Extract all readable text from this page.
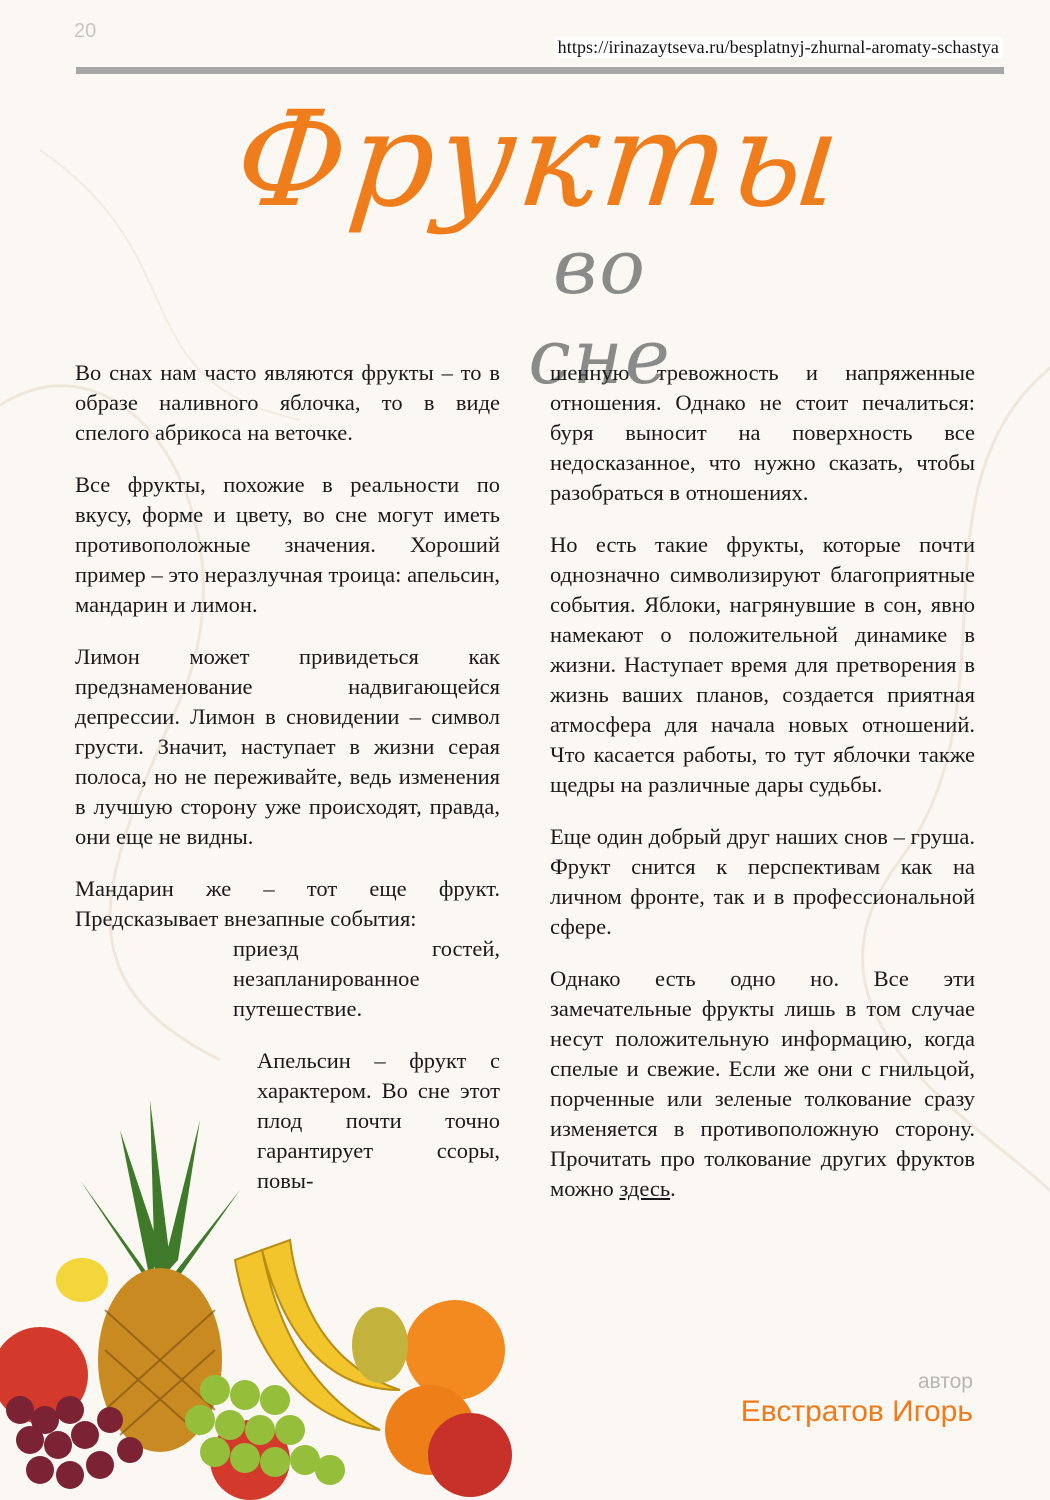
20
https://irinazaytseva.ru/besplatnyj-zhurnal-aromaty-schastya
Фрукты
во сне

Во снах нам часто являются фрукты – то в образе наливного яблочка, то в виде спелого абрикоса на веточке.

Все фрукты, похожие в реальности по вкусу, форме и цвету, во сне могут иметь противоположные значения. Хороший пример – это неразлучная троица: апельсин, мандарин и лимон.

Лимон может привидеться как предзнаменование надвигающейся депрессии. Лимон в сновидении – символ грусти. Значит, наступает в жизни серая полоса, но не переживайте, ведь изменения в лучшую сторону уже происходят, правда, они еще не видны.

Мандарин же – тот еще фрукт. Предсказывает внезапные события:

приезд гостей, незапланированное путешествие.

Апельсин – фрукт с характером. Во сне этот плод почти точно гарантирует ссоры, повы-

шенную тревожность и напряженные отношения. Однако не стоит печалиться: буря выносит на поверхность все недосказанное, что нужно сказать, чтобы разобраться в отношениях.

Но есть такие фрукты, которые почти однозначно символизируют благоприятные события. Яблоки, нагрянувшие в сон, явно намекают о положительной динамике в жизни. Наступает время для претворения в жизнь ваших планов, создается приятная атмосфера для начала новых отношений. Что касается работы, то тут яблочки также щедры на различные дары судьбы.

Еще один добрый друг наших снов – груша. Фрукт снится к перспективам как на личном фронте, так и в профессиональной сфере.

Однако есть одно но. Все эти замечательные фрукты лишь в том случае несут положительную информацию, когда спелые и свежие. Если же они с гнильцой, порченные или зеленые толкование сразу изменяется в противоположную сторону. Прочитать про толкование других фруктов можно здесь.

автор
Евстратов Игорь
